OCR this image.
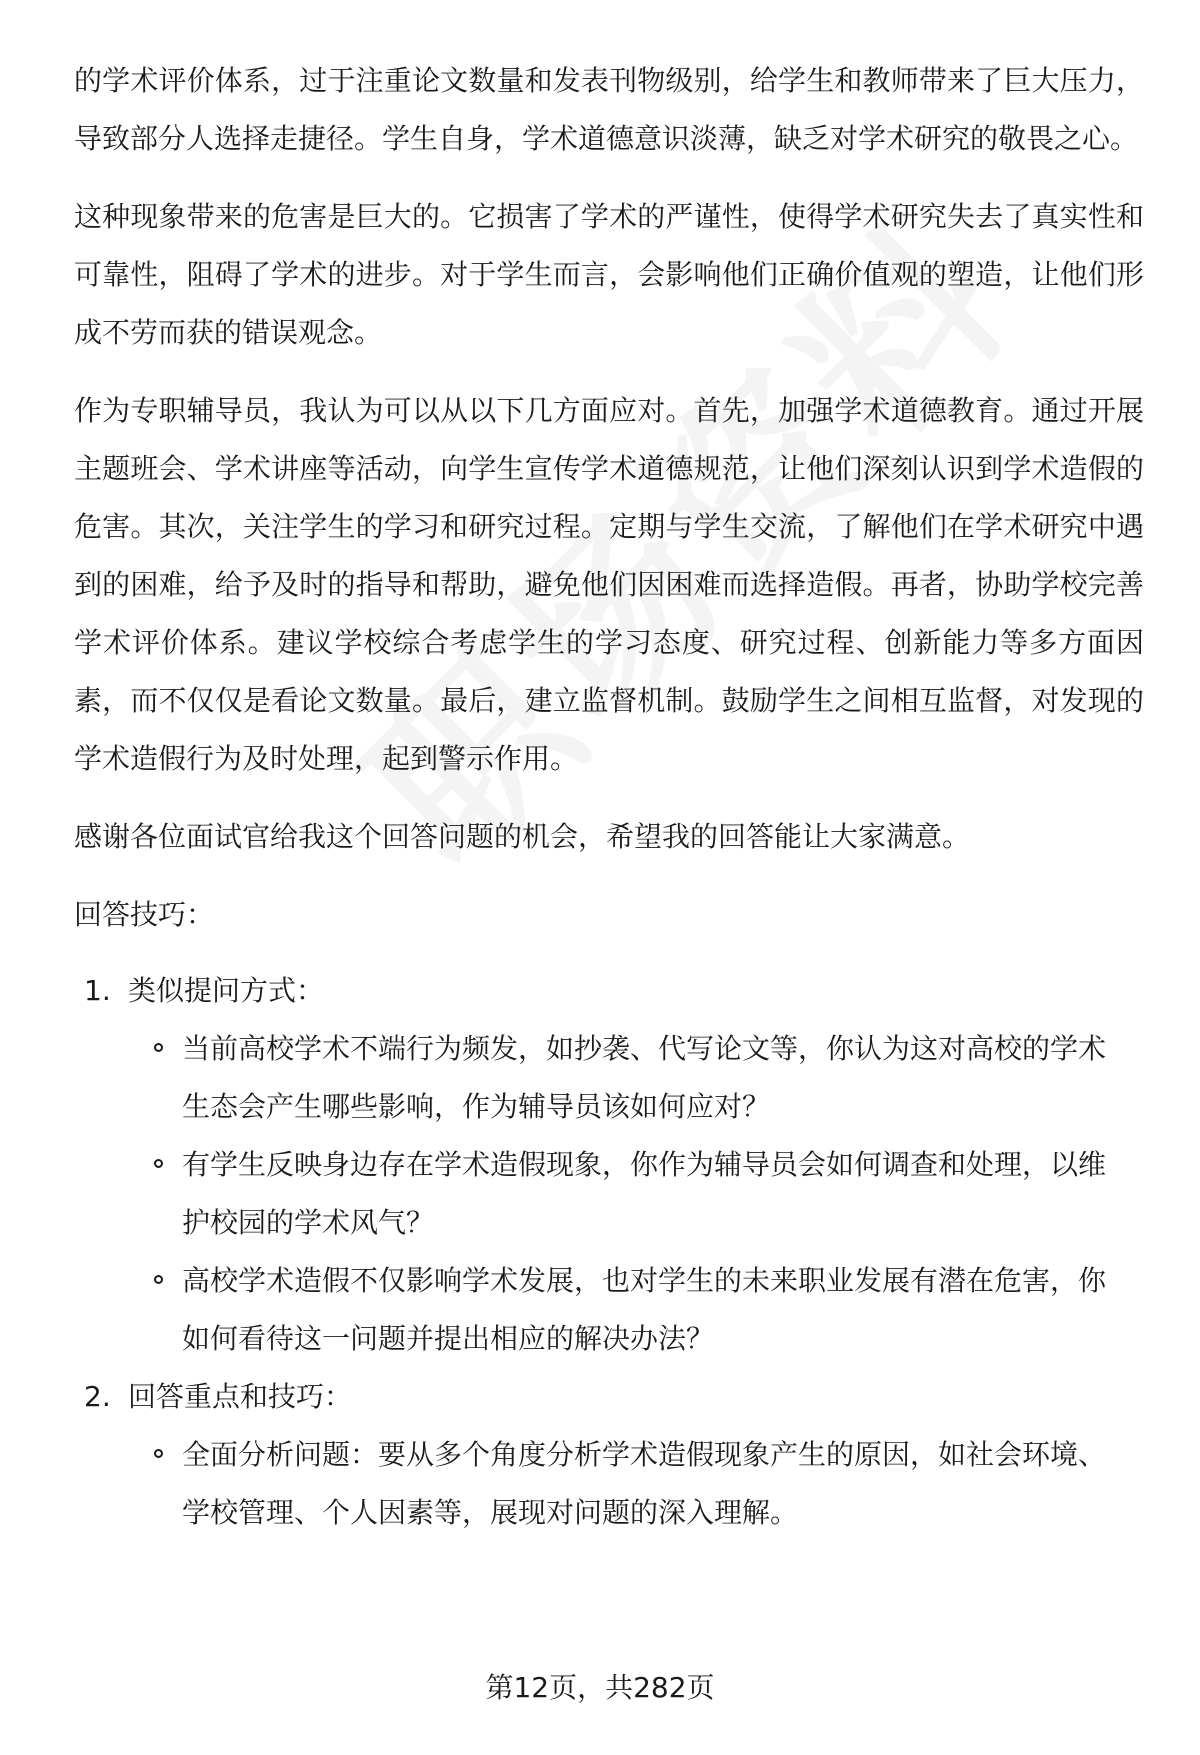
的学术评价体系，过于注重论文数量和发表刊物级别，给学生和教师带来了巨大压力，导致部分人选择走捷径。学生自身，学术道德意识淡薄，缺乏对学术研究的敬畏之心。

这种现象带来的危害是巨大的。它损害了学术的严谨性，使得学术研究失去了真实性和可靠性，阻碍了学术的进步。对于学生而言，会影响他们正确价值观的塑造，让他们形成不劳而获的错误观念。

作为专职辅导员，我认为可以从以下几方面应对。首先，加强学术道德教育。通过开展主题班会、学术讲座等活动，向学生宣传学术道德规范，让他们深刻认识到学术造假的危害。其次，关注学生的学习和研究过程。定期与学生交流，了解他们在学术研究中遇到的困难，给予及时的指导和帮助，避免他们因困难而选择造假。再者，协助学校完善学术评价体系。建议学校综合考虑学生的学习态度、研究过程、创新能力等多方面因素，而不仅仅是看论文数量。最后，建立监督机制。鼓励学生之间相互监督，对发现的学术造假行为及时处理，起到警示作用。

感谢各位面试官给我这个回答问题的机会，希望我的回答能让大家满意。

回答技巧：

1. 类似提问方式：
当前高校学术不端行为频发，如抄袭、代写论文等，你认为这对高校的学术生态会产生哪些影响，作为辅导员该如何应对？
有学生反映身边存在学术造假现象，你作为辅导员会如何调查和处理，以维护校园的学术风气？
高校学术造假不仅影响学术发展，也对学生的未来职业发展有潜在危害，你如何看待这一问题并提出相应的解决办法？
2. 回答重点和技巧：
全面分析问题：要从多个角度分析学术造假现象产生的原因，如社会环境、学校管理、个人因素等，展现对问题的深入理解。
第12页，共282页
